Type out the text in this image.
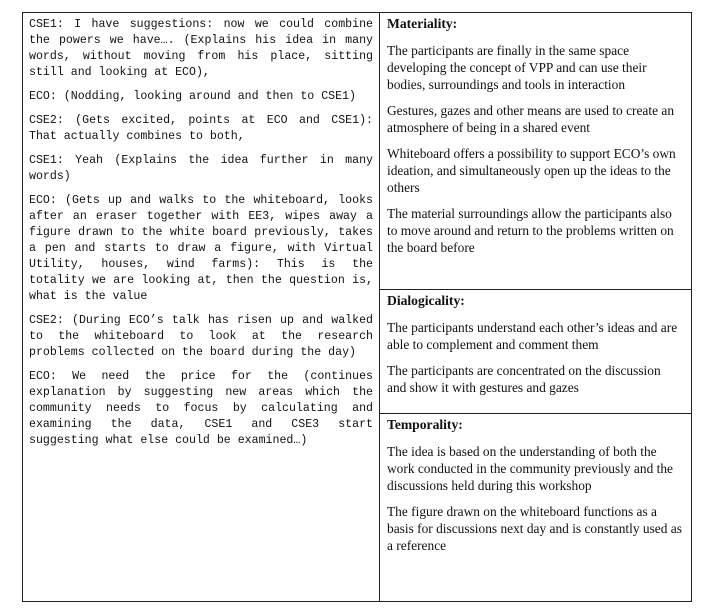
CSE1: I have suggestions: now we could combine the powers we have…. (Explains his idea in many words, without moving from his place, sitting still and looking at ECO),

ECO: (Nodding, looking around and then to CSE1)

CSE2: (Gets excited, points at ECO and CSE1): That actually combines to both,

CSE1: Yeah (Explains the idea further in many words)

ECO: (Gets up and walks to the whiteboard, looks after an eraser together with EE3, wipes away a figure drawn to the white board previously, takes a pen and starts to draw a figure, with Virtual Utility, houses, wind farms): This is the totality we are looking at, then the question is, what is the value

CSE2: (During ECO’s talk has risen up and walked to the whiteboard to look at the research problems collected on the board during the day)

ECO: We need the price for the (continues explanation by suggesting new areas which the community needs to focus by calculating and examining the data, CSE1 and CSE3 start suggesting what else could be examined…)

Materiality:

The participants are finally in the same space developing the concept of VPP and can use their bodies, surroundings and tools in interaction

Gestures, gazes and other means are used to create an atmosphere of being in a shared event

Whiteboard offers a possibility to support ECO’s own ideation, and simultaneously open up the ideas to the others

The material surroundings allow the participants also to move around and return to the problems written on the board before

Dialogicality:

The participants understand each other’s ideas and are able to complement and comment them

The participants are concentrated on the discussion and show it with gestures and gazes

Temporality:

The idea is based on the understanding of both the work conducted in the community previously and the discussions held during this workshop

The figure drawn on the whiteboard functions as a basis for discussions next day and is constantly used as a reference
